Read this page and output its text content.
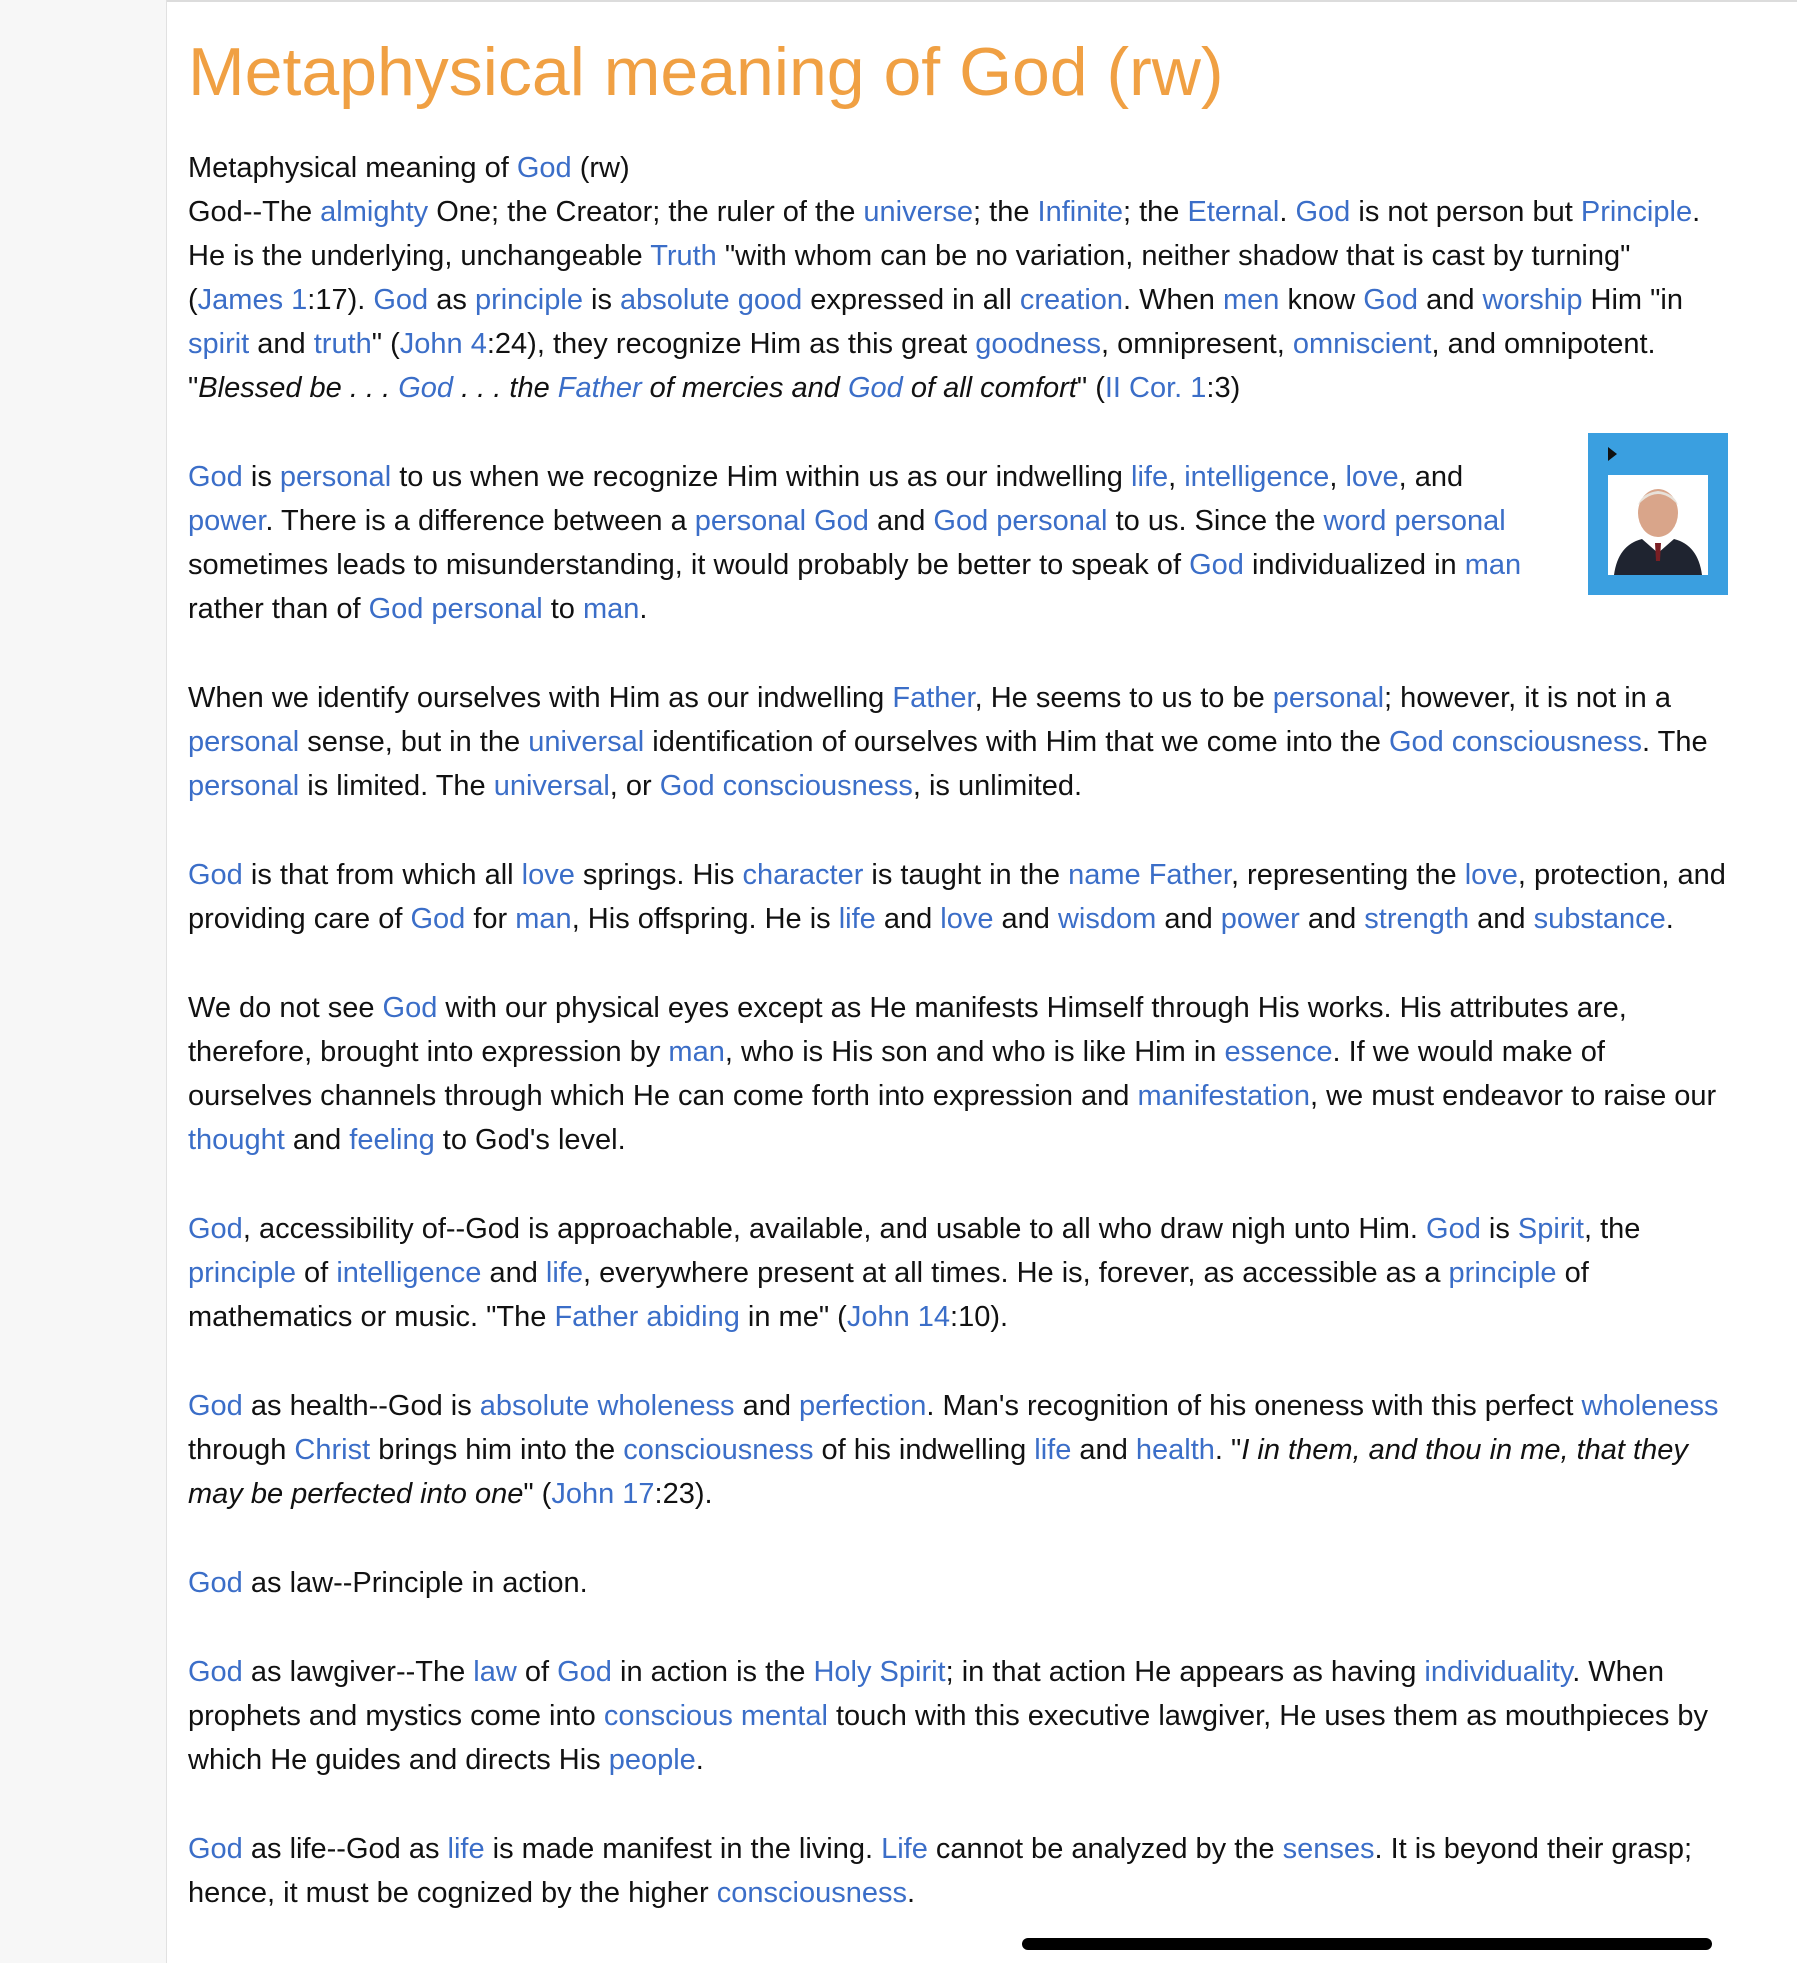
Metaphysical meaning of God (rw)

Metaphysical meaning of God (rw)
God--The almighty One; the Creator; the ruler of the universe; the Infinite; the Eternal. God is not person but Principle. He is the underlying, unchangeable Truth "with whom can be no variation, neither shadow that is cast by turning" (James 1:17). God as principle is absolute good expressed in all creation. When men know God and worship Him "in spirit and truth" (John 4:24), they recognize Him as this great goodness, omnipresent, omniscient, and omnipotent. "Blessed be . . . God . . . the Father of mercies and God of all comfort" (II Cor. 1:3)

God is personal to us when we recognize Him within us as our indwelling life, intelligence, love, and power. There is a difference between a personal God and God personal to us. Since the word personal sometimes leads to misunderstanding, it would probably be better to speak of God individualized in man rather than of God personal to man.

When we identify ourselves with Him as our indwelling Father, He seems to us to be personal; however, it is not in a personal sense, but in the universal identification of ourselves with Him that we come into the God consciousness. The personal is limited. The universal, or God consciousness, is unlimited.

God is that from which all love springs. His character is taught in the name Father, representing the love, protection, and providing care of God for man, His offspring. He is life and love and wisdom and power and strength and substance.

We do not see God with our physical eyes except as He manifests Himself through His works. His attributes are, therefore, brought into expression by man, who is His son and who is like Him in essence. If we would make of ourselves channels through which He can come forth into expression and manifestation, we must endeavor to raise our thought and feeling to God's level.

God, accessibility of--God is approachable, available, and usable to all who draw nigh unto Him. God is Spirit, the principle of intelligence and life, everywhere present at all times. He is, forever, as accessible as a principle of mathematics or music. "The Father abiding in me" (John 14:10).

God as health--God is absolute wholeness and perfection. Man's recognition of his oneness with this perfect wholeness through Christ brings him into the consciousness of his indwelling life and health. "I in them, and thou in me, that they may be perfected into one" (John 17:23).

God as law--Principle in action.

God as lawgiver--The law of God in action is the Holy Spirit; in that action He appears as having individuality. When prophets and mystics come into conscious mental touch with this executive lawgiver, He uses them as mouthpieces by which He guides and directs His people.

God as life--God as life is made manifest in the living. Life cannot be analyzed by the senses. It is beyond their grasp; hence, it must be cognized by the higher consciousness.
